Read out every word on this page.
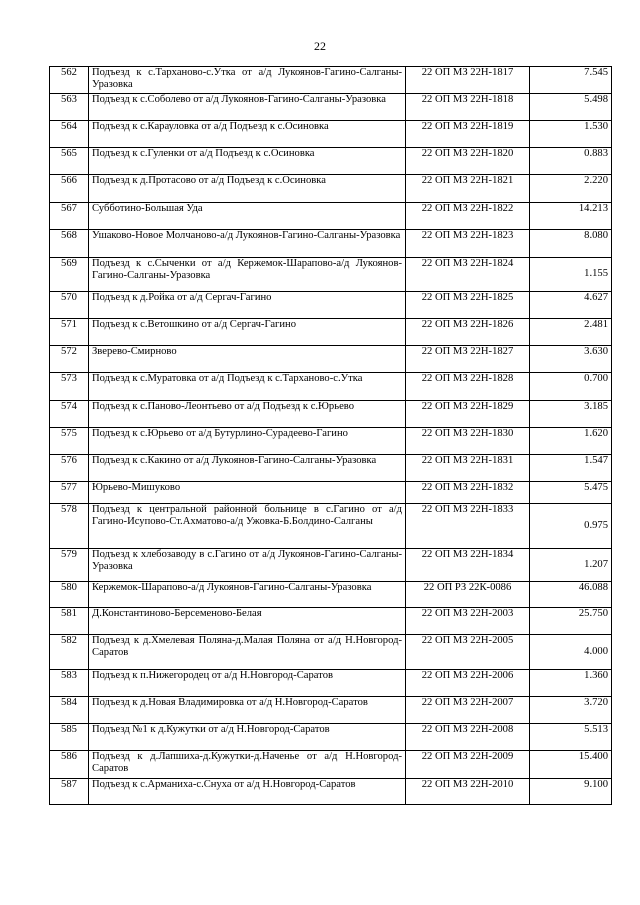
22
562	Подъезд к с.Тарханово-с.Утка от а/д Лукоянов-Гагино-Салганы-Уразовка	22 ОП МЗ 22Н-1817	7.545
563	Подъезд к с.Соболево от а/д Лукоянов-Гагино-Салганы-Уразовка	22 ОП МЗ 22Н-1818	5.498
564	Подъезд к с.Карауловка от а/д Подъезд к с.Осиновка	22 ОП МЗ 22Н-1819	1.530
565	Подъезд к с.Гуленки от а/д Подъезд к с.Осиновка	22 ОП МЗ 22Н-1820	0.883
566	Подъезд к д.Протасово от а/д Подъезд к с.Осиновка	22 ОП МЗ 22Н-1821	2.220
567	Субботино-Большая Уда	22 ОП МЗ 22Н-1822	14.213
568	Ушаково-Новое Молчаново-а/д Лукоянов-Гагино-Салганы-Уразовка	22 ОП МЗ 22Н-1823	8.080
569	Подъезд к с.Сыченки от а/д Кержемок-Шарапово-а/д Лукоянов-Гагино-Салганы-Уразовка	22 ОП МЗ 22Н-1824	1.155
570	Подъезд к д.Ройка от а/д Сергач-Гагино	22 ОП МЗ 22Н-1825	4.627
571	Подъезд к с.Ветошкино от а/д Сергач-Гагино	22 ОП МЗ 22Н-1826	2.481
572	Зверево-Смирново	22 ОП МЗ 22Н-1827	3.630
573	Подъезд к с.Муратовка от а/д Подъезд к с.Тарханово-с.Утка	22 ОП МЗ 22Н-1828	0.700
574	Подъезд к с.Паново-Леонтьево от а/д Подъезд к с.Юрьево	22 ОП МЗ 22Н-1829	3.185
575	Подъезд к с.Юрьево от а/д Бутурлино-Сурадеево-Гагино	22 ОП МЗ 22Н-1830	1.620
576	Подъезд к с.Какино от а/д Лукоянов-Гагино-Салганы-Уразовка	22 ОП МЗ 22Н-1831	1.547
577	Юрьево-Мишуково	22 ОП МЗ 22Н-1832	5.475
578	Подъезд к центральной районной больнице в с.Гагино от а/д Гагино-Исупово-Ст.Ахматово-а/д Ужовка-Б.Болдино-Салганы	22 ОП МЗ 22Н-1833	0.975
579	Подъезд к хлебозаводу в с.Гагино от а/д Лукоянов-Гагино-Салганы-Уразовка	22 ОП МЗ 22Н-1834	1.207
580	Кержемок-Шарапово-а/д Лукоянов-Гагино-Салганы-Уразовка	22 ОП РЗ 22К-0086	46.088
581	Д.Константиново-Берсеменово-Белая	22 ОП МЗ 22Н-2003	25.750
582	Подъезд к д.Хмелевая Поляна-д.Малая Поляна от а/д Н.Новгород-Саратов	22 ОП МЗ 22Н-2005	4.000
583	Подъезд к п.Нижегородец от а/д Н.Новгород-Саратов	22 ОП МЗ 22Н-2006	1.360
584	Подъезд к д.Новая Владимировка от а/д Н.Новгород-Саратов	22 ОП МЗ 22Н-2007	3.720
585	Подъезд №1 к д.Кужутки от а/д Н.Новгород-Саратов	22 ОП МЗ 22Н-2008	5.513
586	Подъезд к д.Лапшиха-д.Кужутки-д.Наченье от а/д Н.Новгород-Саратов	22 ОП МЗ 22Н-2009	15.400
587	Подъезд к с.Арманиха-с.Снуха от а/д Н.Новгород-Саратов	22 ОП МЗ 22Н-2010	9.100
